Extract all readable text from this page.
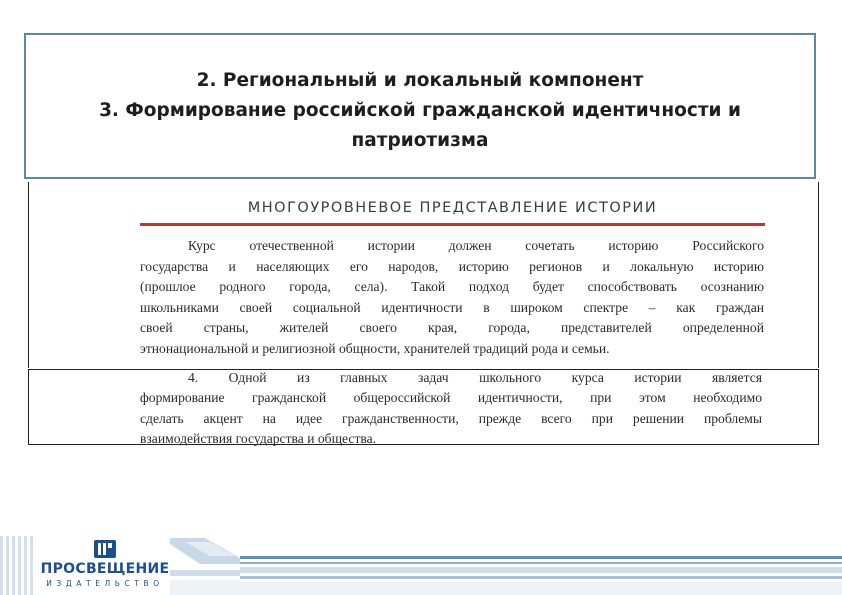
2. Региональный и локальный компонент
3. Формирование российской гражданской идентичности и
патриотизма
МНОГОУРОВНЕВОЕ ПРЕДСТАВЛЕНИЕ ИСТОРИИ
Курс отечественной истории должен сочетать историю Российского
государства и населяющих его народов, историю регионов и локальную историю
(прошлое родного города, села). Такой подход будет способствовать осознанию
школьниками своей социальной идентичности в широком спектре – как граждан
своей страны, жителей своего края, города, представителей определенной
этнонациональной и религиозной общности, хранителей традиций рода и семьи.
4. Одной из главных задач школьного курса истории является
формирование гражданской общероссийской идентичности, при этом необходимо
сделать акцент на идее гражданственности, прежде всего при решении проблемы
взаимодействия государства и общества.
ПРОСВЕЩЕНИЕ
ИЗДАТЕЛЬСТВО
